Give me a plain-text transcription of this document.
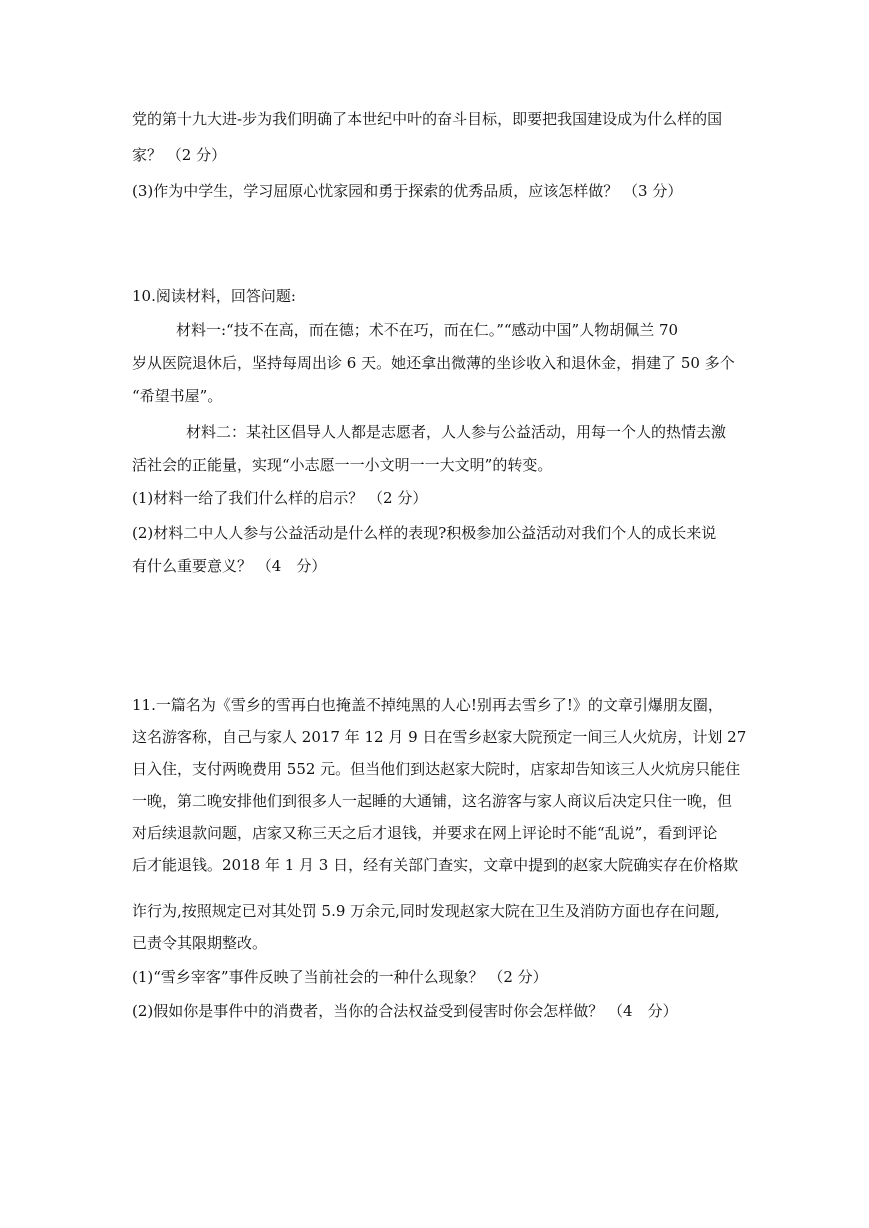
党的第十九大进-步为我们明确了本世纪中叶的奋斗目标，即要把我国建设成为什么样的国
家？ （2 分）
(3)作为中学生，学习屈原心忧家园和勇于探索的优秀品质，应该怎样做？ （3 分）
10.阅读材料，回答问题:
材料一:“技不在高，而在德；术不在巧，而在仁。”“感动中国”人物胡佩兰 70
岁从医院退休后，坚持每周出诊 6 天。她还拿出微薄的坐诊收入和退休金，捐建了 50 多个
“希望书屋”。
材料二：某社区倡导人人都是志愿者，人人参与公益活动，用每一个人的热情去激
活社会的正能量，实现“小志愿一一小文明一一大文明”的转变。
(1)材料一给了我们什么样的启示？ （2 分）
(2)材料二中人人参与公益活动是什么样的表现?积极参加公益活动对我们个人的成长来说
有什么重要意义？ （4　分）
11.一篇名为《雪乡的雪再白也掩盖不掉纯黑的人心!别再去雪乡了!》的文章引爆朋友圈，
这名游客称，自己与家人 2017 年 12 月 9 日在雪乡赵家大院预定一间三人火炕房，计划 27
日入住，支付两晚费用 552 元。但当他们到达赵家大院时，店家却告知该三人火炕房只能住
一晚，第二晚安排他们到很多人一起睡的大通铺，这名游客与家人商议后决定只住一晚，但
对后续退款问题，店家又称三天之后才退钱，并要求在网上评论时不能“乱说”，看到评论
后才能退钱。2018 年 1 月 3 日，经有关部门查实，文章中提到的赵家大院确实存在价格欺
诈行为,按照规定已对其处罚 5.9 万余元,同时发现赵家大院在卫生及消防方面也存在问题,
已责令其限期整改。
(1)“雪乡宰客”事件反映了当前社会的一种什么现象？ （2 分）
(2)假如你是事件中的消费者，当你的合法权益受到侵害时你会怎样做？ （4　分）
